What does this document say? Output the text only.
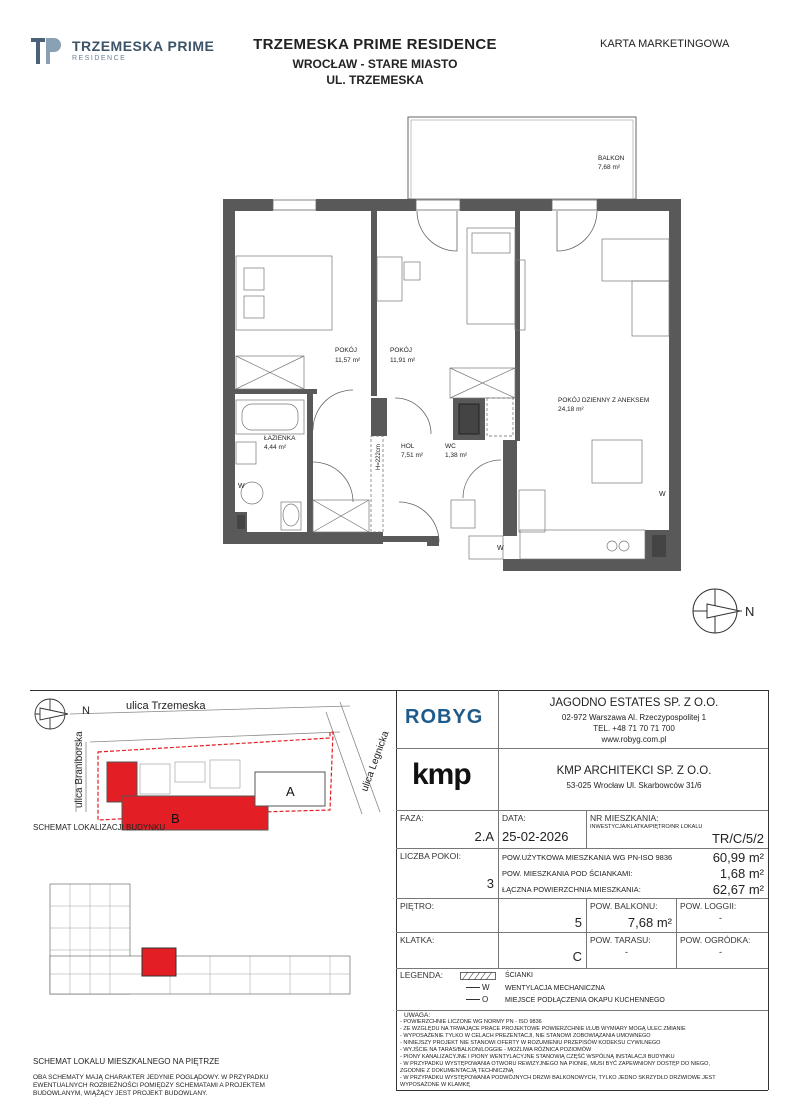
TRZEMESKA PRIME
RESIDENCE
TRZEMESKA PRIME RESIDENCE
WROCŁAW - STARE MIASTO
UL. TRZEMESKA
KARTA MARKETINGOWA
BALKON
7,68 m²
POKÓJ
11,57 m²
POKÓJ
11,91 m²
POKÓJ DZIENNY Z ANEKSEM
24,18 m²
ŁAZIENKA
4,44 m²	HOL
7,51 m²
WC
1,38 m²
H=222cm
W
W
W
N
N	ulica Trzemeska
ulica Braniborska	ulica Legnicka
B
A
SCHEMAT LOKALIZACJI BUDYNKU
SCHEMAT LOKALU MIESZKALNEGO NA PIĘTRZE
OBA SCHEMATY MAJĄ CHARAKTER JEDYNIE POGLĄDOWY. W PRZYPADKU EWENTUALNYCH ROZBIEŻNOŚCI POMIĘDZY SCHEMATAMI A PROJEKTEM BUDOWLANYM, WIĄŻĄCY JEST PROJEKT BUDOWLANY.
ROBYG
JAGODNO ESTATES SP. Z O.O.
02-972 Warszawa Al. Rzeczypospolitej 1
TEL. +48 71 70 71 700
www.robyg.com.pl
kmp	KMP ARCHITEKCI SP. Z O.O.
53-025 Wrocław Ul. Skarbowców 31/6
FAZA:
2.A
DATA:
25-02-2026
NR MIESZKANIA:
INWESTYCJA/KLATKA/PIĘTRO/NR LOKALU
TR/C/5/2
LICZBA POKOI:
3
POW.UŻYTKOWA MIESZKANIA WG PN-ISO 9836	60,99 m²
POW. MIESZKANIA POD ŚCIANKAMI:	1,68 m²
ŁĄCZNA POWIERZCHNIA MIESZKANIA:	62,67 m²
PIĘTRO:
5
POW. BALKONU:
7,68 m²
POW. LOGGII:
-
KLATKA:
C
POW. TARASU:
-
POW. OGRÓDKA:
-
LEGENDA:	ŚCIANKI
W WENTYLACJA MECHANICZNA
O MIEJSCE PODŁĄCZENIA OKAPU KUCHENNEGO
UWAGA:
- POWIERZCHNIE LICZONE WG NORMY PN - ISO 9836
- ZE WZGLĘDU NA TRWAJĄCE PRACE PROJEKTOWE POWIERZCHNIE I/LUB WYMIARY MOGĄ ULEC ZMIANIE
- WYPOSAŻENIE TYLKO W CELACH PREZENTACJI, NIE STANOWI ZOBOWIĄZANIA UMOWNEGO
- NINIEJSZY PROJEKT NIE STANOWI OFERTY W ROZUMIENIU PRZEPISÓW KODEKSU CYWILNEGO
- WYJŚCIE NA TARAS/BALKON/LOGGIE - MOŻLIWA RÓŻNICA POZIOMÓW
- PIONY KANALIZACYJNE I PIONY WENTYLACYJNE STANOWIĄ CZĘŚĆ WSPÓLNĄ INSTALACJI BUDYNKU
- W PRZYPADKU WYSTĘPOWANIA OTWORU REWIZYJNEGO NA PIONIE, MUSI BYĆ ZAPEWNIONY DOSTĘP DO NIEGO,
ZGODNIE Z DOKUMENTACJĄ TECHNICZNĄ
- W PRZYPADKU WYSTĘPOWANIA PODWÓJNYCH DRZWI BALKONOWYCH, TYLKO JEDNO SKRZYDŁO DRZWIOWE JEST
WYPOSAŻONE W KLAMKĘ
